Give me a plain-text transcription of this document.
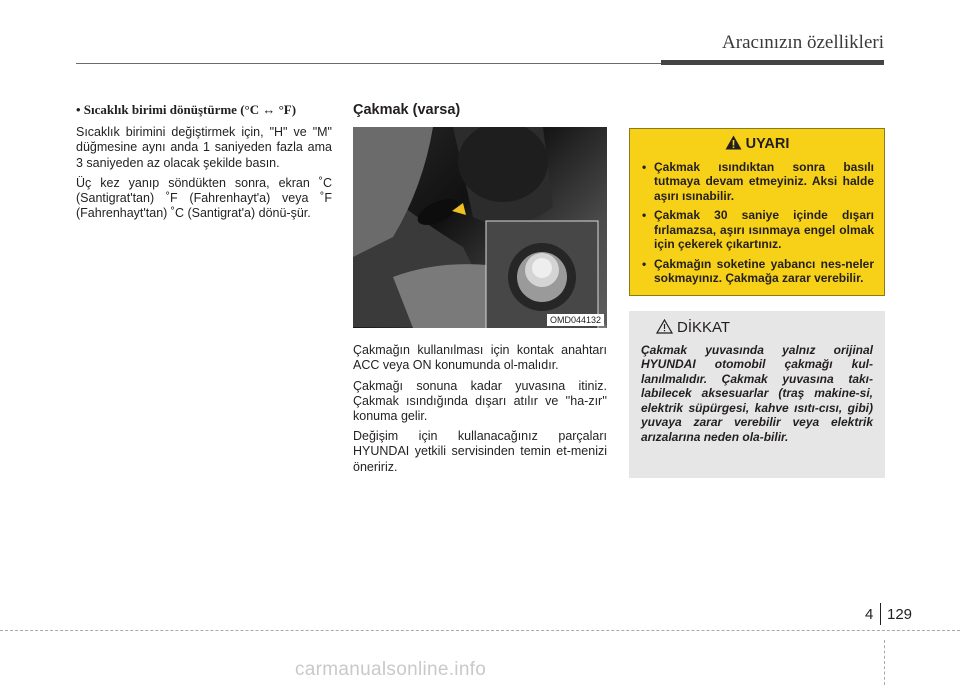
Aracınızın özellikleri
• Sıcaklık birimi dönüştürme (°C ↔ °F)

Sıcaklık birimini değiştirmek için, "H" ve "M" düğmesine aynı anda 1 saniyeden fazla ama 3 saniyeden az olacak şekilde basın.

Üç kez yanıp söndükten sonra, ekran ˚C (Santigrat'tan) ˚F (Fahrenhayt'a) veya ˚F (Fahrenhayt'tan) ˚C (Santigrat'a) dönü-şür.

Çakmak (varsa)
OMD044132

Çakmağın kullanılması için kontak anahtarı ACC veya ON konumunda ol-malıdır.

Çakmağı sonuna kadar yuvasına itiniz. Çakmak ısındığında dışarı atılır ve ''ha-zır'' konuma gelir.

Değişim için kullanacağınız parçaları HYUNDAI yetkili servisinden temin et-menizi öneririz.

UYARI
• Çakmak ısındıktan sonra basılı tutmaya devam etmeyiniz. Aksi halde aşırı ısınabilir.
• Çakmak 30 saniye içinde dışarı fırlamazsa, aşırı ısınmaya engel olmak için çekerek çıkartınız.
• Çakmağın soketine yabancı nes-neler sokmayınız. Çakmağa zarar verebilir.
DİKKAT
Çakmak yuvasında yalnız orijinal HYUNDAI otomobil çakmağı kul-lanılmalıdır. Çakmak yuvasına takı-labilecek aksesuarlar (traş makine-si, elektrik süpürgesi, kahve ısıtı-cısı, gibi) yuvaya zarar verebilir veya elektrik arızalarına neden ola-bilir.
4 129
carmanualsonline.info
